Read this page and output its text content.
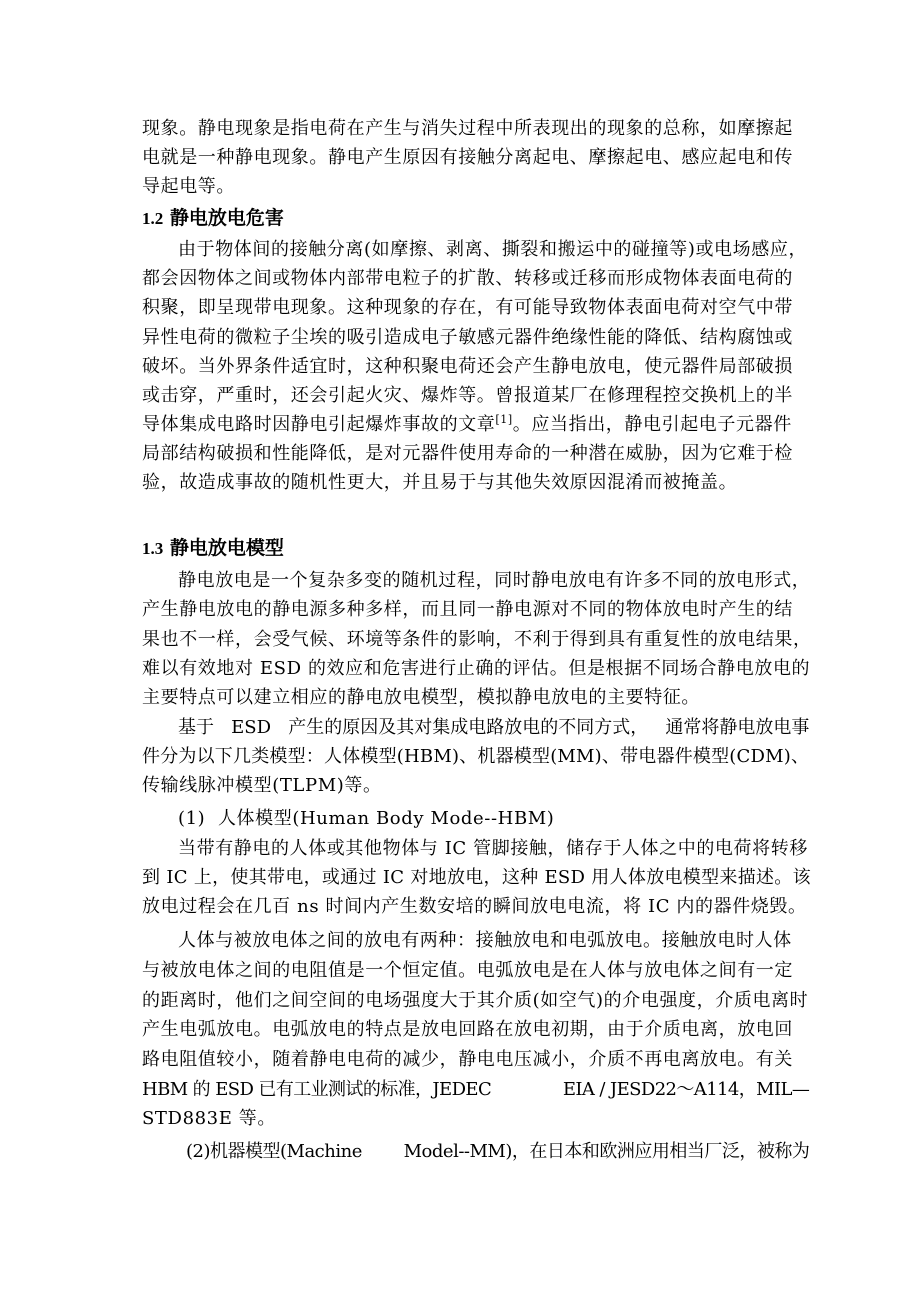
现象。静电现象是指电荷在产生与消失过程中所表现出的现象的总称，如摩擦起
电就是一种静电现象。静电产生原因有接触分离起电、摩擦起电、感应起电和传
导起电等。
1.2 静电放电危害
由于物体间的接触分离(如摩擦、剥离、撕裂和搬运中的碰撞等)或电场感应，
都会因物体之间或物体内部带电粒子的扩散、转移或迁移而形成物体表面电荷的
积聚，即呈现带电现象。这种现象的存在，有可能导致物体表面电荷对空气中带
异性电荷的微粒子尘埃的吸引造成电子敏感元器件绝缘性能的降低、结构腐蚀或
破坏。当外界条件适宜时，这种积聚电荷还会产生静电放电，使元器件局部破损
或击穿，严重时，还会引起火灾、爆炸等。曾报道某厂在修理程控交换机上的半
导体集成电路时因静电引起爆炸事故的文章[1]。应当指出，静电引起电子元器件
局部结构破损和性能降低，是对元器件使用寿命的一种潜在威胁，因为它难于检
验，故造成事故的随机性更大，并且易于与其他失效原因混淆而被掩盖。
1.3 静电放电模型
静电放电是一个复杂多变的随机过程，同时静电放电有许多不同的放电形式，
产生静电放电的静电源多种多样，而且同一静电源对不同的物体放电时产生的结
果也不一样，会受气候、环境等条件的影响，不利于得到具有重复性的放电结果，
难以有效地对 ESD 的效应和危害进行止确的评估。但是根据不同场合静电放电的
主要特点可以建立相应的静电放电模型，模拟静电放电的主要特征。
基于   ESD   产生的原因及其对集成电路放电的不同方式，   通常将静电放电事
件分为以下几类模型：人体模型(HBM)、机器模型(MM)、带电器件模型(CDM)、
传输线脉冲模型(TLPM)等。
(1)  人体模型(Human Body Mode--HBM)
当带有静电的人体或其他物体与 IC 管脚接触，储存于人体之中的电荷将转移
到 IC 上，使其带电，或通过 IC 对地放电，这种 ESD 用人体放电模型来描述。该
放电过程会在几百 ns 时间内产生数安培的瞬间放电电流，将 IC 内的器件烧毁。
人体与被放电体之间的放电有两种：接触放电和电弧放电。接触放电时人体
与被放电体之间的电阻值是一个恒定值。电弧放电是在人体与放电体之间有一定
的距离时，他们之间空间的电场强度大于其介质(如空气)的介电强度，介质电离时
产生电弧放电。电弧放电的特点是放电回路在放电初期，由于介质电离，放电回
路电阻值较小，随着静电电荷的减少，静电电压减小，介质不再电离放电。有关
HBM 的 ESD 已有工业测试的标准，JEDEC              EIA / JESD22～A114，MIL—
STD883E 等。
(2)机器模型(Machine        Model--MM)，在日本和欧洲应用相当厂泛，被称为
